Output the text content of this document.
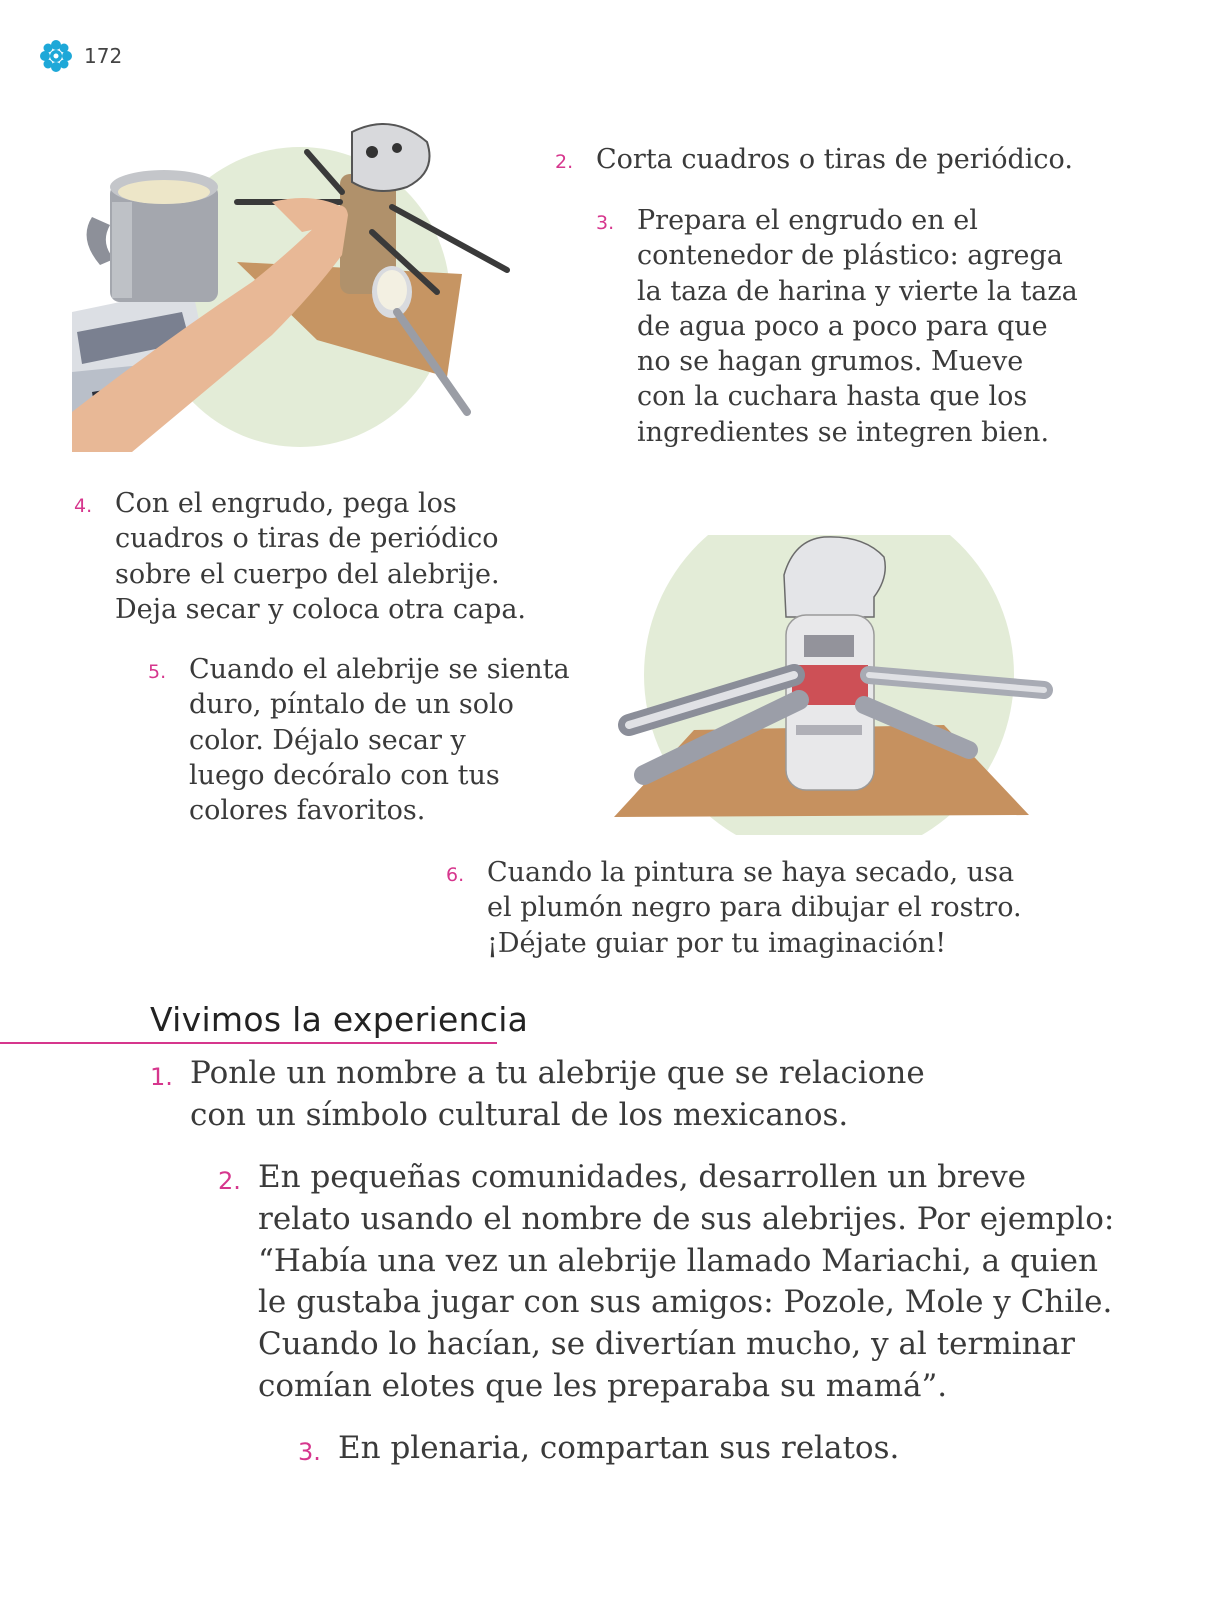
172
2. Corta cuadros o tiras de periódico.
3. Prepara el engrudo en el
contenedor de plástico: agrega
la taza de harina y vierte la taza
de agua poco a poco para que
no se hagan grumos. Mueve
con la cuchara hasta que los
ingredientes se integren bien.
4. Con el engrudo, pega los
cuadros o tiras de periódico
sobre el cuerpo del alebrije.
Deja secar y coloca otra capa.
5. Cuando el alebrije se sienta
duro, píntalo de un solo
color. Déjalo secar y
luego decóralo con tus
colores favoritos.
6. Cuando la pintura se haya secado, usa
el plumón negro para dibujar el rostro.
¡Déjate guiar por tu imaginación!
Vivimos la experiencia
1. Ponle un nombre a tu alebrije que se relacione
con un símbolo cultural de los mexicanos.
2. En pequeñas comunidades, desarrollen un breve
relato usando el nombre de sus alebrijes. Por ejemplo:
“Había una vez un alebrije llamado Mariachi, a quien
le gustaba jugar con sus amigos: Pozole, Mole y Chile.
Cuando lo hacían, se divertían mucho, y al terminar
comían elotes que les preparaba su mamá”.
3. En plenaria, compartan sus relatos.
